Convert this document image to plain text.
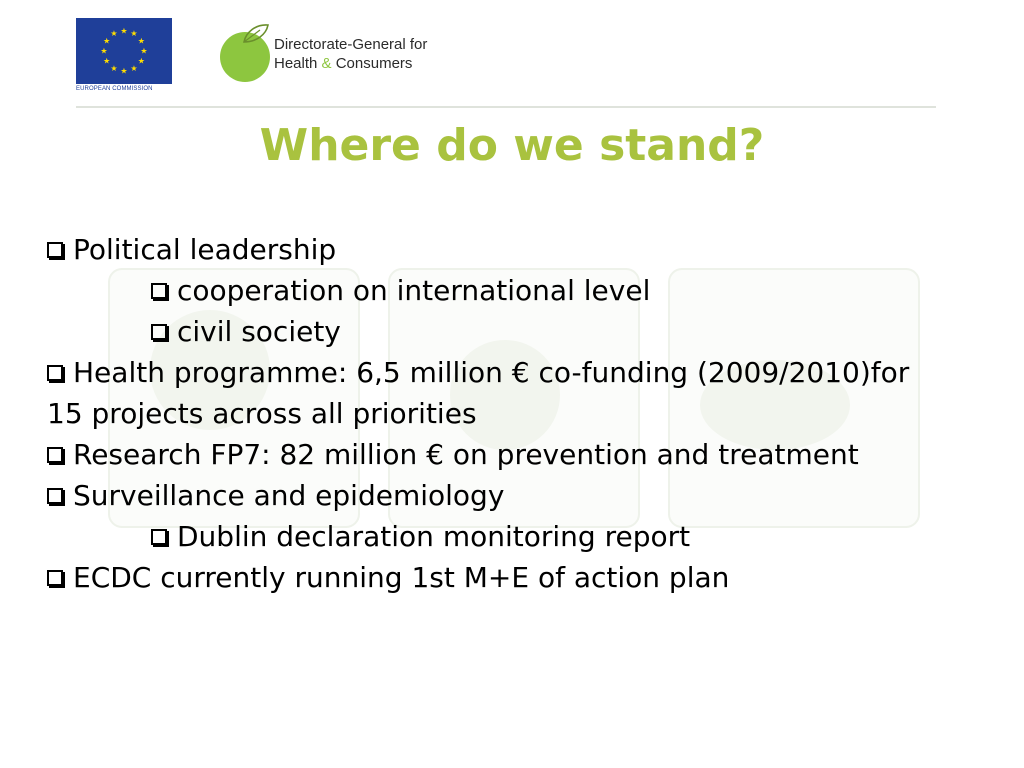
★ ★
★
★
★
★
★
★
★
★
★
★
EUROPEAN COMMISSION
Directorate-General for
Health & Consumers
Where do we stand?
Political leadership
cooperation on international level
civil society
Health programme: 6,5 million € co-funding (2009/2010)for 15 projects across all priorities
Research FP7: 82 million € on prevention and treatment
Surveillance and epidemiology
Dublin declaration monitoring report
ECDC currently running 1st M+E of action plan
